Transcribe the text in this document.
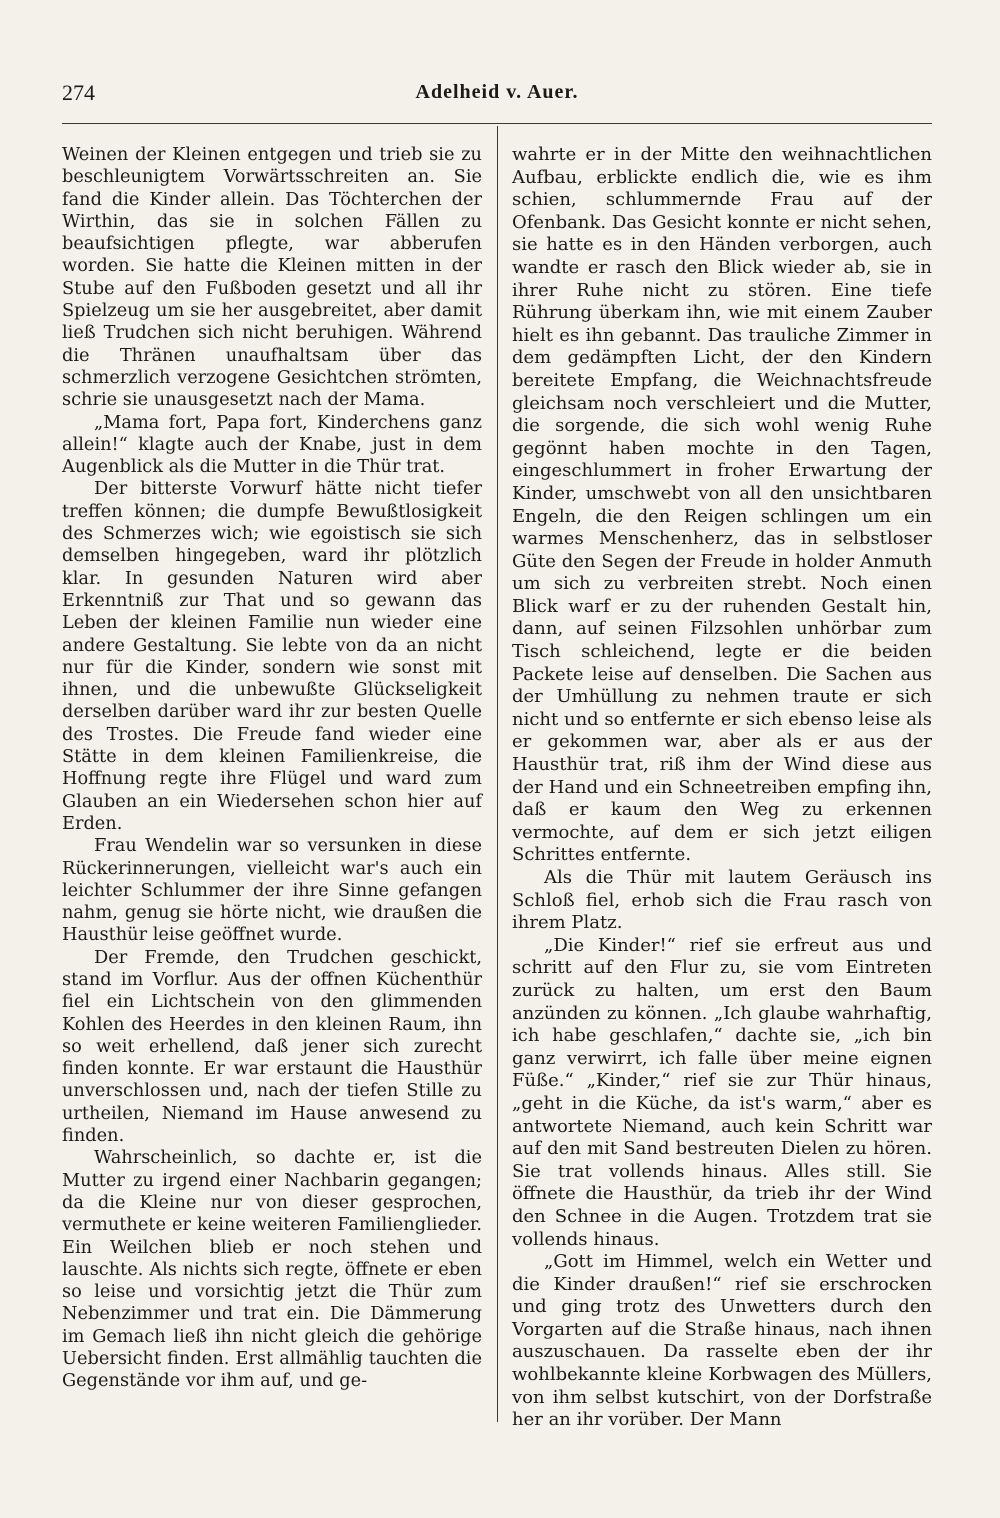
274	Adelheid v. Auer.

Weinen der Kleinen entgegen und trieb sie zu beschleunigtem Vorwärtsschreiten an. Sie fand die Kinder allein. Das Töchterchen der Wirthin, das sie in solchen Fällen zu beaufsichtigen pflegte, war abberufen worden. Sie hatte die Kleinen mitten in der Stube auf den Fußboden gesetzt und all ihr Spielzeug um sie her ausgebreitet, aber damit ließ Trudchen sich nicht beruhigen. Während die Thränen unaufhaltsam über das schmerzlich verzogene Gesichtchen strömten, schrie sie unausgesetzt nach der Mama.

„Mama fort, Papa fort, Kinderchens ganz allein!“ klagte auch der Knabe, just in dem Augenblick als die Mutter in die Thür trat.

Der bitterste Vorwurf hätte nicht tiefer treffen können; die dumpfe Bewußtlosigkeit des Schmerzes wich; wie egoistisch sie sich demselben hingegeben, ward ihr plötzlich klar. In gesunden Naturen wird aber Erkenntniß zur That und so gewann das Leben der kleinen Familie nun wieder eine andere Gestaltung. Sie lebte von da an nicht nur für die Kinder, sondern wie sonst mit ihnen, und die unbewußte Glückseligkeit derselben darüber ward ihr zur besten Quelle des Trostes. Die Freude fand wieder eine Stätte in dem kleinen Familienkreise, die Hoffnung regte ihre Flügel und ward zum Glauben an ein Wiedersehen schon hier auf Erden.

Frau Wendelin war so versunken in diese Rückerinnerungen, vielleicht war's auch ein leichter Schlummer der ihre Sinne gefangen nahm, genug sie hörte nicht, wie draußen die Hausthür leise geöffnet wurde.

Der Fremde, den Trudchen geschickt, stand im Vorflur. Aus der offnen Küchenthür fiel ein Lichtschein von den glimmenden Kohlen des Heerdes in den kleinen Raum, ihn so weit erhellend, daß jener sich zurecht finden konnte. Er war erstaunt die Hausthür unverschlossen und, nach der tiefen Stille zu urtheilen, Niemand im Hause anwesend zu finden.

Wahrscheinlich, so dachte er, ist die Mutter zu irgend einer Nachbarin gegangen; da die Kleine nur von dieser gesprochen, vermuthete er keine weiteren Familienglieder. Ein Weilchen blieb er noch stehen und lauschte. Als nichts sich regte, öffnete er eben so leise und vorsichtig jetzt die Thür zum Nebenzimmer und trat ein. Die Dämmerung im Gemach ließ ihn nicht gleich die gehörige Uebersicht finden. Erst allmählig tauchten die Gegenstände vor ihm auf, und ge-

wahrte er in der Mitte den weihnachtlichen Aufbau, erblickte endlich die, wie es ihm schien, schlummernde Frau auf der Ofenbank. Das Gesicht konnte er nicht sehen, sie hatte es in den Händen verborgen, auch wandte er rasch den Blick wieder ab, sie in ihrer Ruhe nicht zu stören. Eine tiefe Rührung überkam ihn, wie mit einem Zauber hielt es ihn gebannt. Das trauliche Zimmer in dem gedämpften Licht, der den Kindern bereitete Empfang, die Weichnachtsfreude gleichsam noch verschleiert und die Mutter, die sorgende, die sich wohl wenig Ruhe gegönnt haben mochte in den Tagen, eingeschlummert in froher Erwartung der Kinder, umschwebt von all den unsichtbaren Engeln, die den Reigen schlingen um ein warmes Menschenherz, das in selbstloser Güte den Segen der Freude in holder Anmuth um sich zu verbreiten strebt. Noch einen Blick warf er zu der ruhenden Gestalt hin, dann, auf seinen Filzsohlen unhörbar zum Tisch schleichend, legte er die beiden Packete leise auf denselben. Die Sachen aus der Umhüllung zu nehmen traute er sich nicht und so entfernte er sich ebenso leise als er gekommen war, aber als er aus der Hausthür trat, riß ihm der Wind diese aus der Hand und ein Schneetreiben empfing ihn, daß er kaum den Weg zu erkennen vermochte, auf dem er sich jetzt eiligen Schrittes entfernte.

Als die Thür mit lautem Geräusch ins Schloß fiel, erhob sich die Frau rasch von ihrem Platz.

„Die Kinder!“ rief sie erfreut aus und schritt auf den Flur zu, sie vom Eintreten zurück zu halten, um erst den Baum anzünden zu können. „Ich glaube wahrhaftig, ich habe geschlafen,“ dachte sie, „ich bin ganz verwirrt, ich falle über meine eignen Füße.“ „Kinder,“ rief sie zur Thür hinaus, „geht in die Küche, da ist's warm,“ aber es antwortete Niemand, auch kein Schritt war auf den mit Sand bestreuten Dielen zu hören. Sie trat vollends hinaus. Alles still. Sie öffnete die Hausthür, da trieb ihr der Wind den Schnee in die Augen. Trotzdem trat sie vollends hinaus.

„Gott im Himmel, welch ein Wetter und die Kinder draußen!“ rief sie erschrocken und ging trotz des Unwetters durch den Vorgarten auf die Straße hinaus, nach ihnen auszuschauen. Da rasselte eben der ihr wohlbekannte kleine Korbwagen des Müllers, von ihm selbst kutschirt, von der Dorfstraße her an ihr vorüber. Der Mann
